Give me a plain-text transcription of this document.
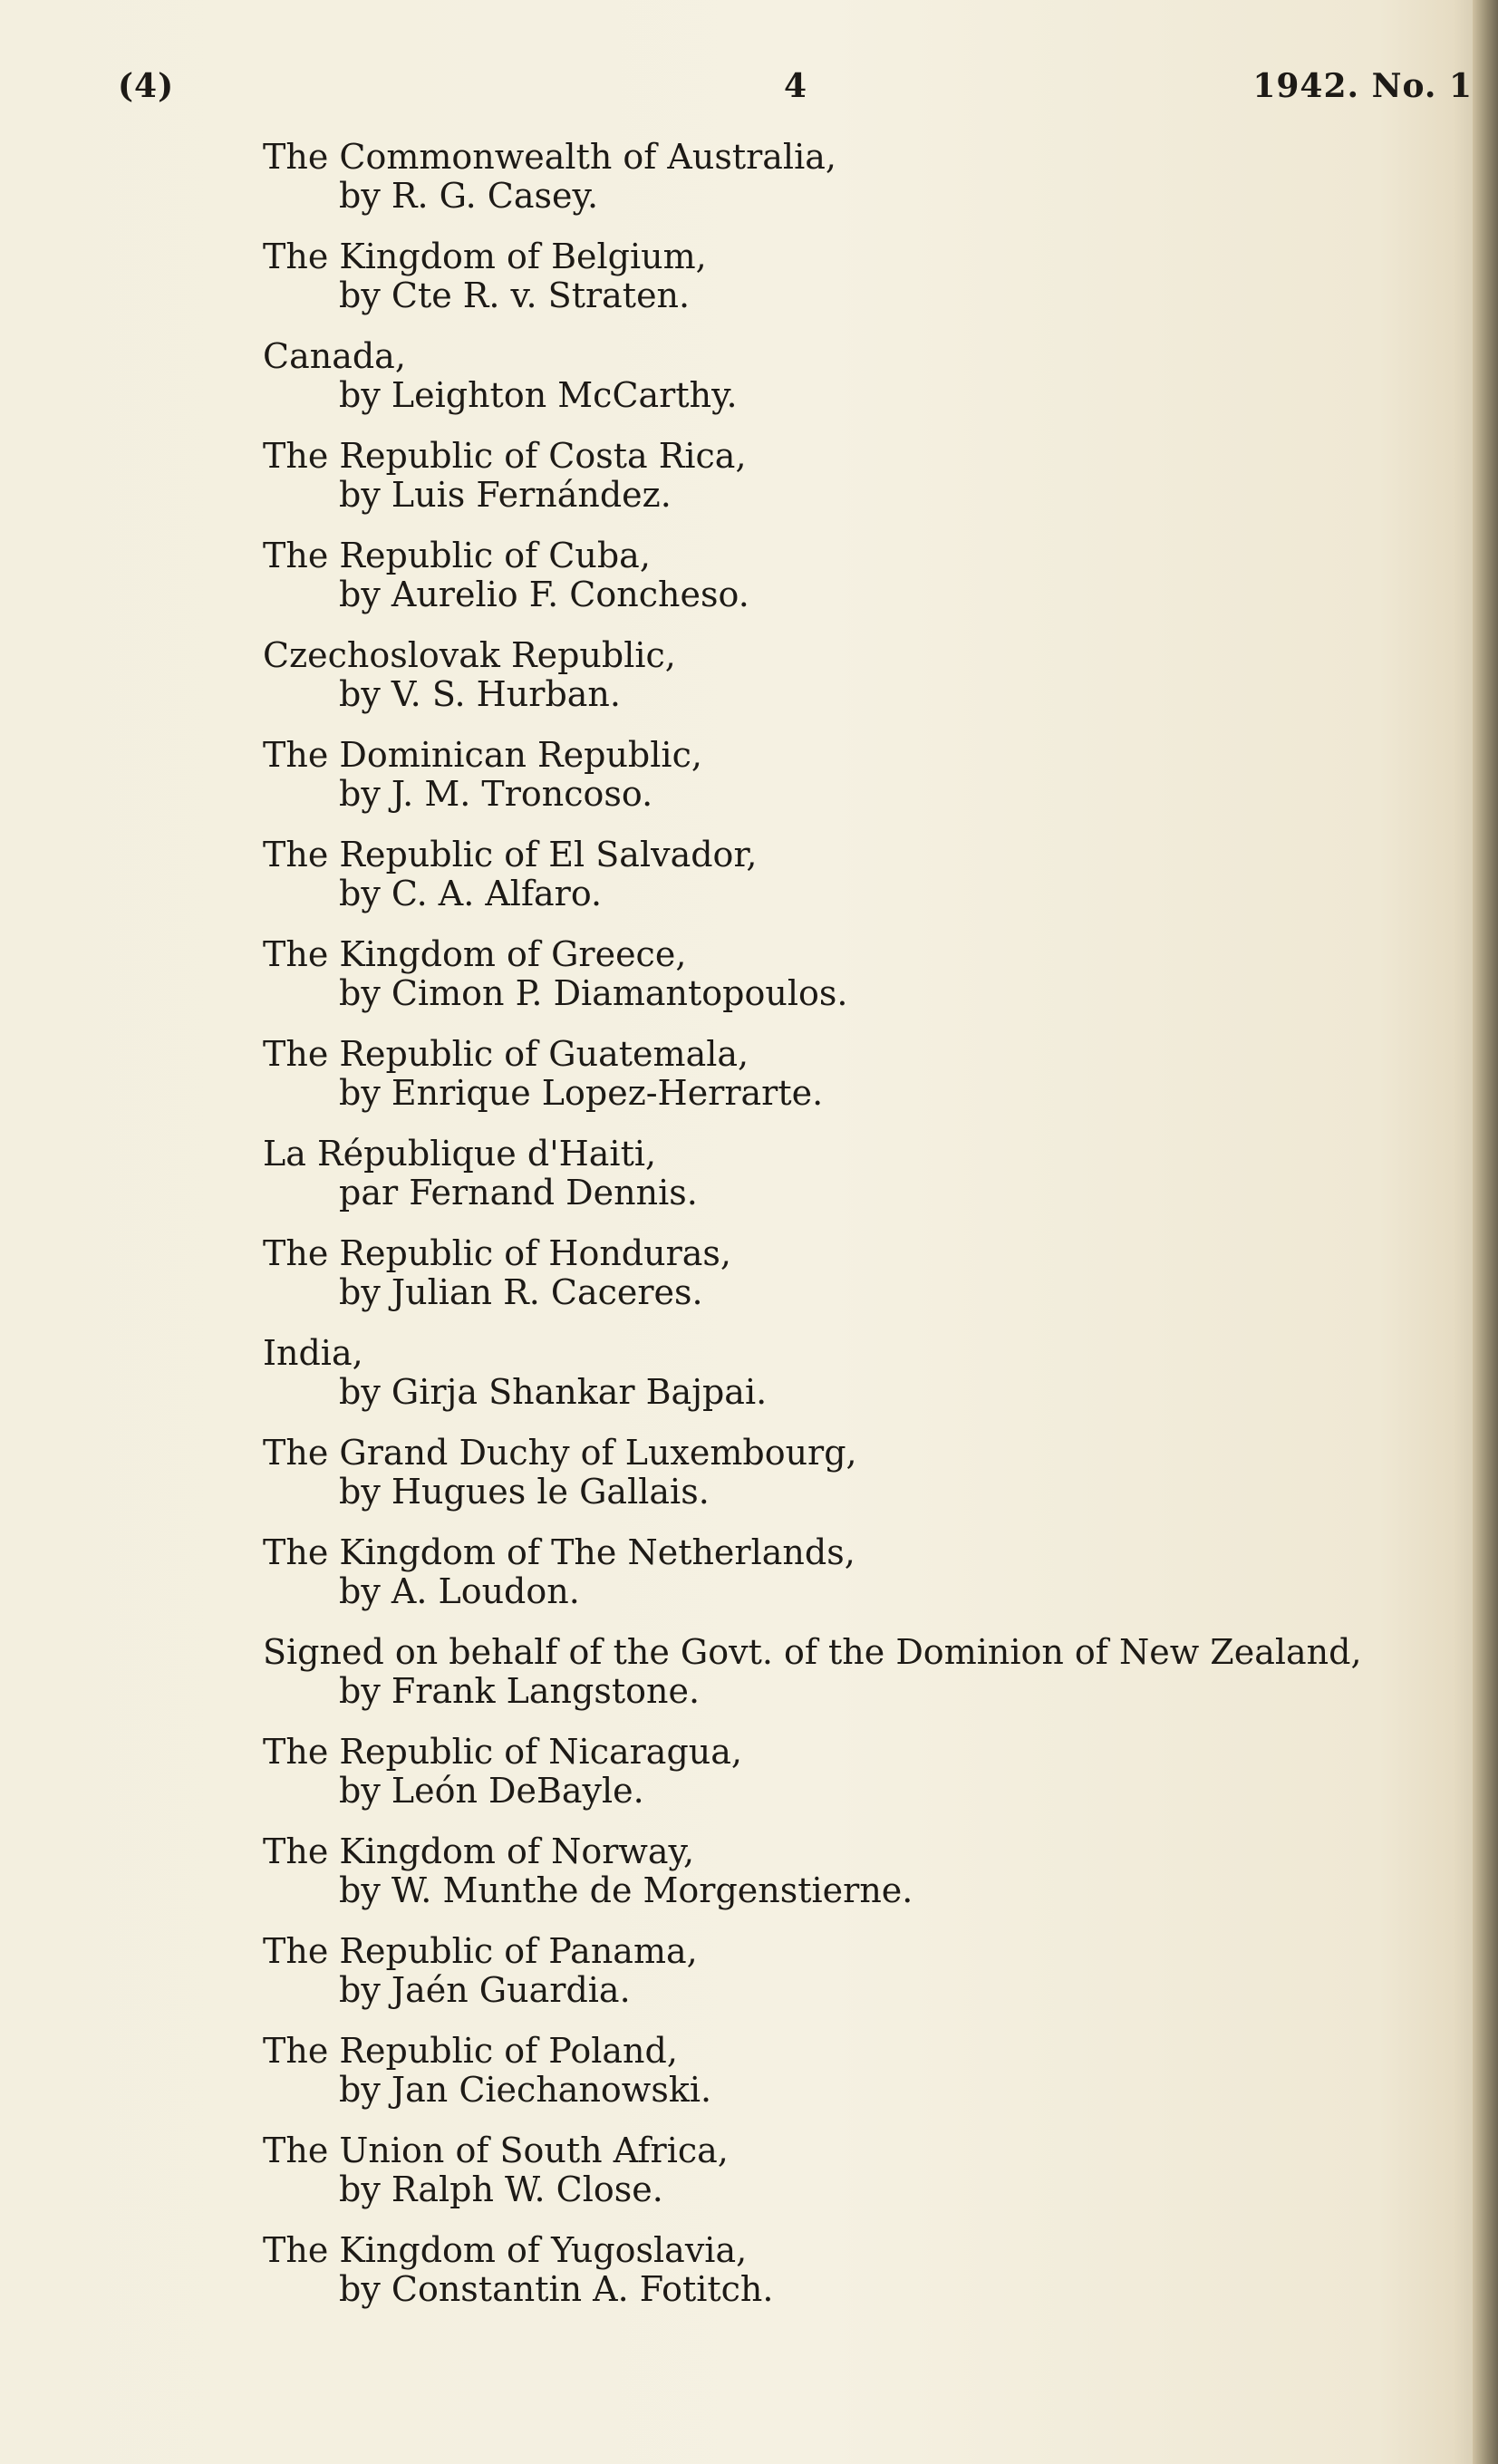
(4)	4	1942. No. 1
The Commonwealth of Australia,
by R. G. Casey.
The Kingdom of Belgium,
by Cte R. v. Straten.
Canada,
by Leighton McCarthy.
The Republic of Costa Rica,
by Luis Fernández.
The Republic of Cuba,
by Aurelio F. Concheso.
Czechoslovak Republic,
by V. S. Hurban.
The Dominican Republic,
by J. M. Troncoso.
The Republic of El Salvador,
by C. A. Alfaro.
The Kingdom of Greece,
by Cimon P. Diamantopoulos.
The Republic of Guatemala,
by Enrique Lopez-Herrarte.
La République d'Haiti,
par Fernand Dennis.
The Republic of Honduras,
by Julian R. Caceres.
India,
by Girja Shankar Bajpai.
The Grand Duchy of Luxembourg,
by Hugues le Gallais.
The Kingdom of The Netherlands,
by A. Loudon.
Signed on behalf of the Govt. of the Dominion of New Zealand,
by Frank Langstone.
The Republic of Nicaragua,
by León DeBayle.
The Kingdom of Norway,
by W. Munthe de Morgenstierne.
The Republic of Panama,
by Jaén Guardia.
The Republic of Poland,
by Jan Ciechanowski.
The Union of South Africa,
by Ralph W. Close.
The Kingdom of Yugoslavia,
by Constantin A. Fotitch.
